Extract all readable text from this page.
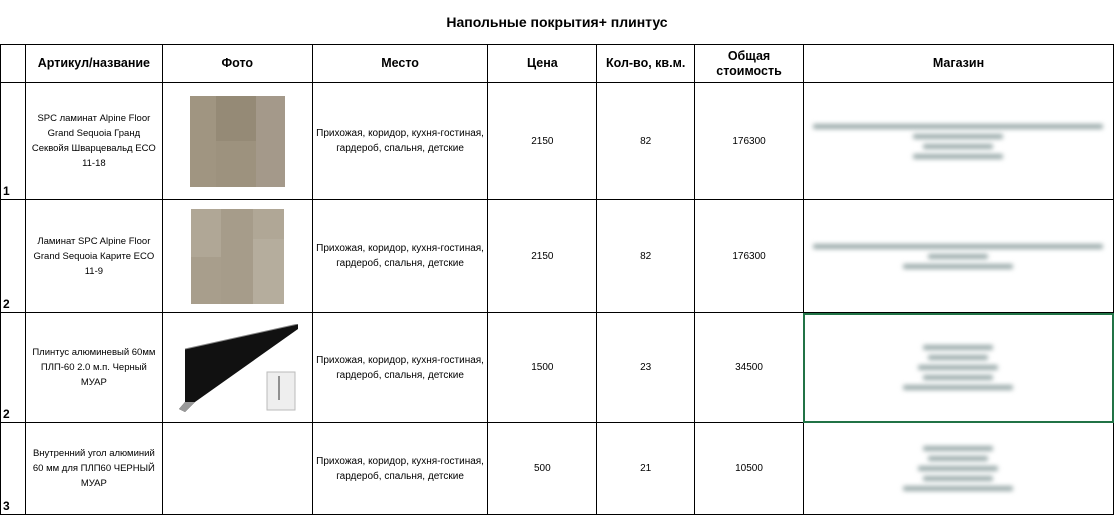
Напольные покрытия+ плинтус
	Артикул/название	Фото	Место	Цена	Кол-во, кв.м.	Общая стоимость	Магазин
1	SPC ламинат Alpine Floor Grand Sequoia Гранд Секвойя Шварцевальд ECO 11-18		Прихожая, коридор, кухня-гостиная, гардероб, спальня, детские	2150	82	176300	

2	Ламинат SPC Alpine Floor Grand Sequoia Карите ECO 11-9		Прихожая, коридор, кухня-гостиная, гардероб, спальня, детские	2150	82	176300	

2	Плинтус алюминевый 60мм ПЛП-60 2.0 м.п. Черный МУАР		Прихожая, коридор, кухня-гостиная, гардероб, спальня, детские	1500	23	34500	

3	Внутренний угол алюминий 60 мм для ПЛП60 ЧЕРНЫЙ МУАР		Прихожая, коридор, кухня-гостиная, гардероб, спальня, детские	500	21	10500	
